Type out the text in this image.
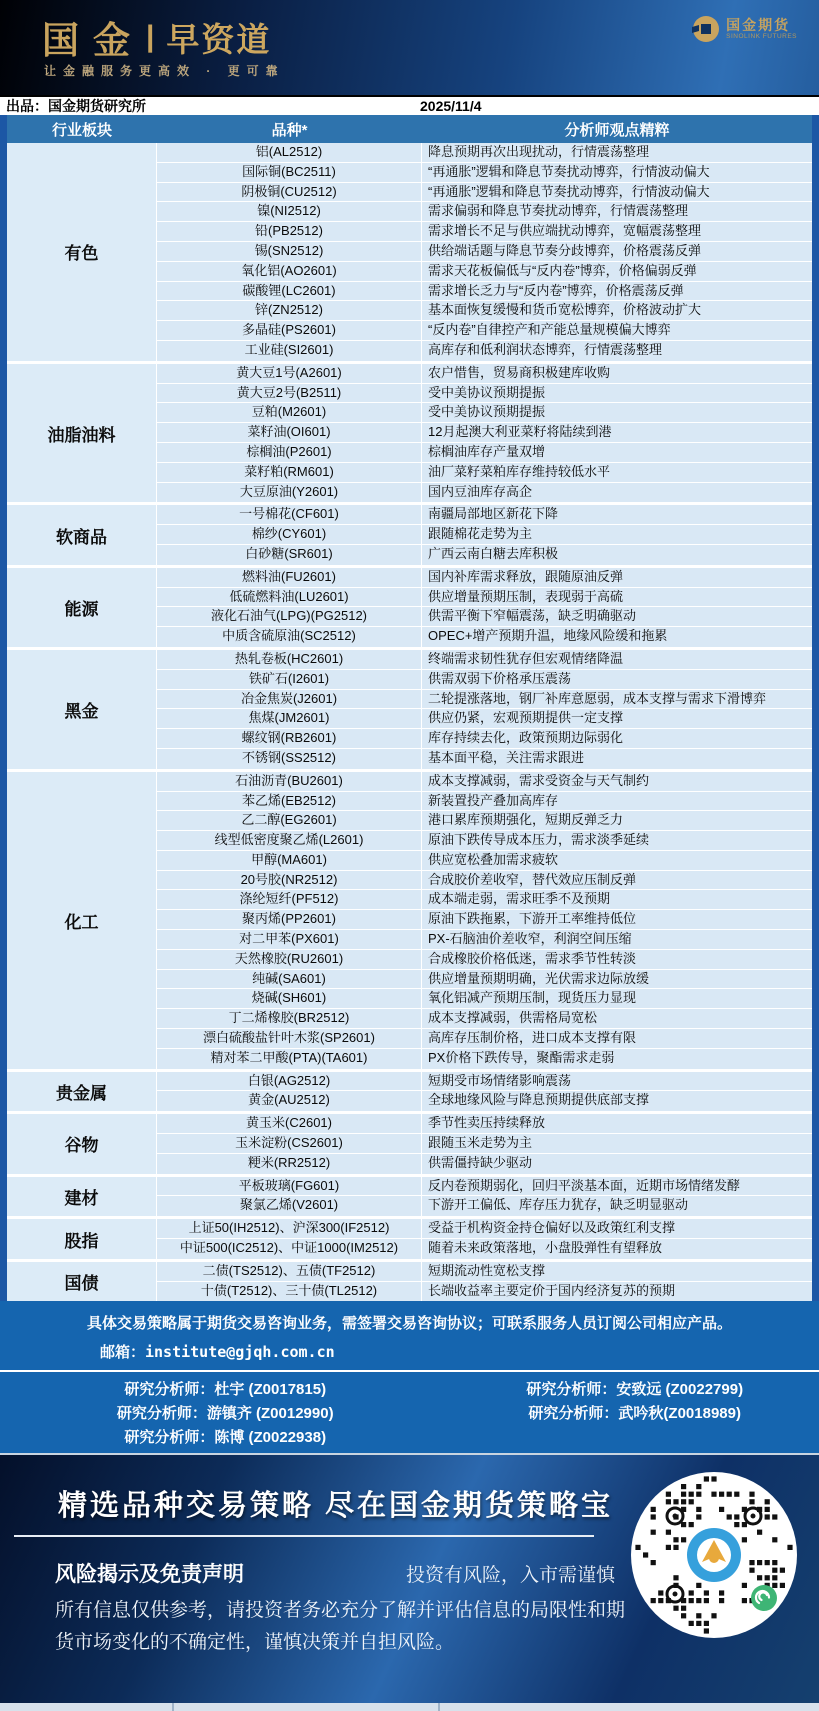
国金 | 早资道
让金融服务更高效 · 更可靠
国金期货
SINOLINK FUTURES
出品：国金期货研究所	2025/11/4
行业板块	品种*	分析师观点精粹
有色
铝(AL2512)	降息预期再次出现扰动，行情震荡整理
国际铜(BC2511)	“再通胀”逻辑和降息节奏扰动博弈，行情波动偏大
阴极铜(CU2512)	“再通胀”逻辑和降息节奏扰动博弈，行情波动偏大
镍(NI2512)	需求偏弱和降息节奏扰动博弈，行情震荡整理
铅(PB2512)	需求增长不足与供应端扰动博弈，宽幅震荡整理
锡(SN2512)	供给端话题与降息节奏分歧博弈，价格震荡反弹
氧化铝(AO2601)	需求天花板偏低与“反内卷”博弈，价格偏弱反弹
碳酸锂(LC2601)	需求增长乏力与“反内卷”博弈，价格震荡反弹
锌(ZN2512)	基本面恢复缓慢和货币宽松博弈，价格波动扩大
多晶硅(PS2601)	“反内卷”自律控产和产能总量规模偏大博弈
工业硅(SI2601)	高库存和低利润状态博弈，行情震荡整理
油脂油料
黄大豆1号(A2601)	农户惜售，贸易商积极建库收购
黄大豆2号(B2511)	受中美协议预期提振
豆粕(M2601)	受中美协议预期提振
菜籽油(OI601)	12月起澳大利亚菜籽将陆续到港
棕榈油(P2601)	棕榈油库存产量双增
菜籽粕(RM601)	油厂菜籽菜粕库存维持较低水平
大豆原油(Y2601)	国内豆油库存高企
软商品
一号棉花(CF601)	南疆局部地区新花下降
棉纱(CY601)	跟随棉花走势为主
白砂糖(SR601)	广西云南白糖去库积极
能源
燃料油(FU2601)	国内补库需求释放，跟随原油反弹
低硫燃料油(LU2601)	供应增量预期压制，表现弱于高硫
液化石油气(LPG)(PG2512)	供需平衡下窄幅震荡，缺乏明确驱动
中质含硫原油(SC2512)	OPEC+增产预期升温，地缘风险缓和拖累
黑金
热轧卷板(HC2601)	终端需求韧性犹存但宏观情绪降温
铁矿石(I2601)	供需双弱下价格承压震荡
冶金焦炭(J2601)	二轮提涨落地，钢厂补库意愿弱，成本支撑与需求下滑博弈
焦煤(JM2601)	供应仍紧，宏观预期提供一定支撑
螺纹钢(RB2601)	库存持续去化，政策预期边际弱化
不锈钢(SS2512)	基本面平稳，关注需求跟进
化工
石油沥青(BU2601)	成本支撑减弱，需求受资金与天气制约
苯乙烯(EB2512)	新装置投产叠加高库存
乙二醇(EG2601)	港口累库预期强化，短期反弹乏力
线型低密度聚乙烯(L2601)	原油下跌传导成本压力，需求淡季延续
甲醇(MA601)	供应宽松叠加需求疲软
20号胶(NR2512)	合成胶价差收窄，替代效应压制反弹
涤纶短纤(PF512)	成本端走弱，需求旺季不及预期
聚丙烯(PP2601)	原油下跌拖累，下游开工率维持低位
对二甲苯(PX601)	PX-石脑油价差收窄，利润空间压缩
天然橡胶(RU2601)	合成橡胶价格低迷，需求季节性转淡
纯碱(SA601)	供应增量预期明确，光伏需求边际放缓
烧碱(SH601)	氧化铝减产预期压制，现货压力显现
丁二烯橡胶(BR2512)	成本支撑减弱，供需格局宽松
漂白硫酸盐针叶木浆(SP2601)	高库存压制价格，进口成本支撑有限
精对苯二甲酸(PTA)(TA601)	PX价格下跌传导，聚酯需求走弱
贵金属
白银(AG2512)	短期受市场情绪影响震荡
黄金(AU2512)	全球地缘风险与降息预期提供底部支撑
谷物
黄玉米(C2601)	季节性卖压持续释放
玉米淀粉(CS2601)	跟随玉米走势为主
粳米(RR2512)	供需僵持缺少驱动
建材
平板玻璃(FG601)	反内卷预期弱化，回归平淡基本面，近期市场情绪发酵
聚氯乙烯(V2601)	下游开工偏低、库存压力犹存，缺乏明显驱动
股指
上证50(IH2512)、沪深300(IF2512)	受益于机构资金持仓偏好以及政策红利支撑
中证500(IC2512)、中证1000(IM2512)	随着未来政策落地，小盘股弹性有望释放
国债
二债(TS2512)、五债(TF2512)	短期流动性宽松支撑
十债(T2512)、三十债(TL2512)	长端收益率主要定价于国内经济复苏的预期
具体交易策略属于期货交易咨询业务，需签署交易咨询协议；可联系服务人员订阅公司相应产品。
邮箱：institute@gjqh.com.cn
研究分析师：杜宇 (Z0017815)
研究分析师：游镇齐 (Z0012990)
研究分析师：陈博 (Z0022938)
研究分析师：安致远 (Z0022799)
研究分析师：武吟秋(Z0018989)
精选品种交易策略 尽在国金期货策略宝
风险揭示及免责声明	投资有风险，入市需谨慎
所有信息仅供参考，请投资者务必充分了解并评估信息的局限性和期货市场变化的不确定性，谨慎决策并自担风险。
